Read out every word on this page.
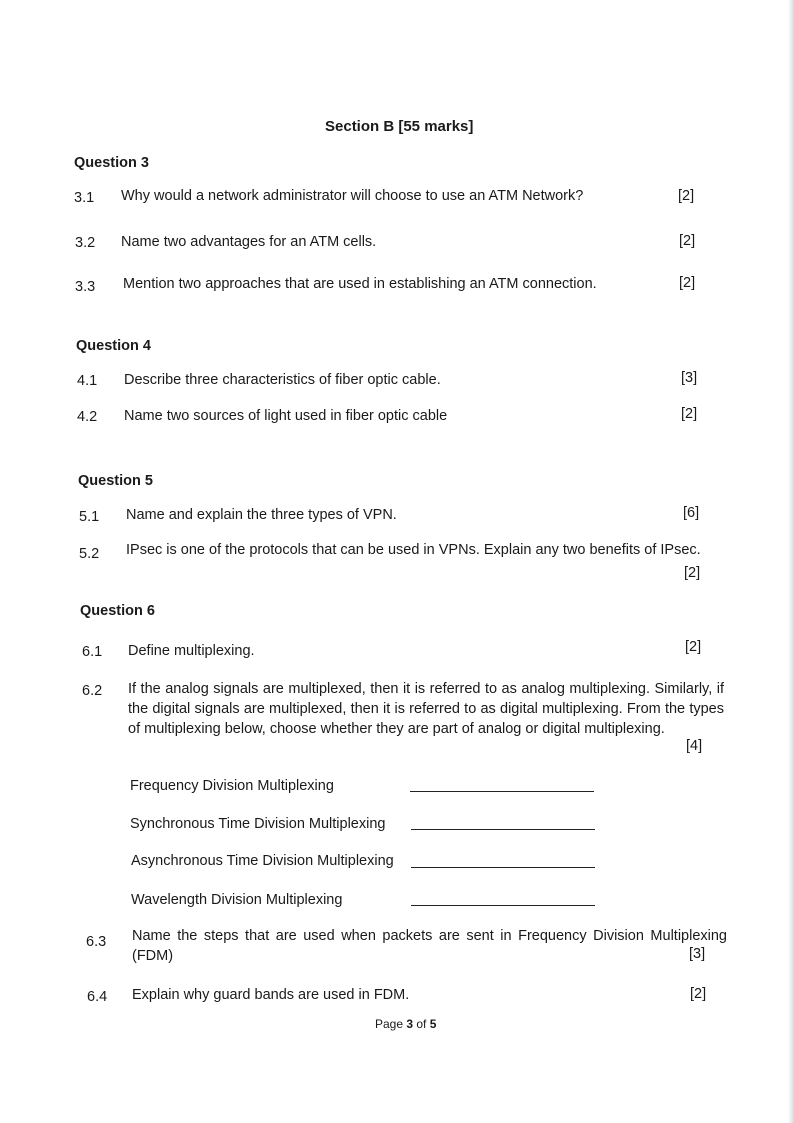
Section B [55 marks]
Question 3
3.1 Why would a network administrator will choose to use an ATM Network?	[2]
3.2 Name two advantages for an ATM cells.	[2]
3.3 Mention two approaches that are used in establishing an ATM connection.	[2]
Question 4
4.1 Describe three characteristics of fiber optic cable.	[3]
4.2 Name two sources of light used in fiber optic cable	[2]
Question 5
5.1 Name and explain the three types of VPN.	[6]
5.2 IPsec is one of the protocols that can be used in VPNs. Explain any two benefits of IPsec.
[2]
Question 6
6.1 Define multiplexing.	[2]
6.2 If the analog signals are multiplexed, then it is referred to as analog multiplexing. Similarly, if the digital signals are multiplexed, then it is referred to as digital multiplexing. From the types of multiplexing below, choose whether they are part of analog or digital multiplexing.
[4]
Frequency Division Multiplexing
Synchronous Time Division Multiplexing
Asynchronous Time Division Multiplexing
Wavelength Division Multiplexing
6.3 Name the steps that are used when packets are sent in Frequency Division Multiplexing (FDM)	[3]
6.4 Explain why guard bands are used in FDM.	[2]
Page 3 of 5
